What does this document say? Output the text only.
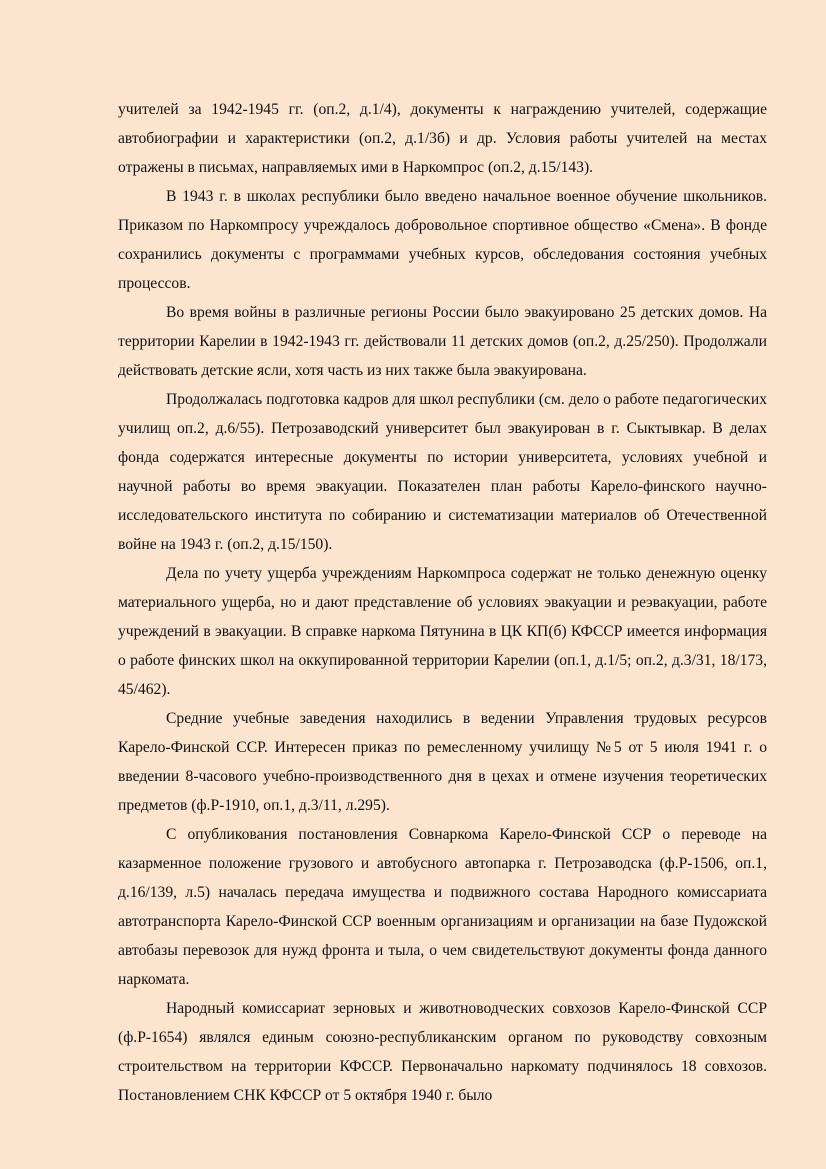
учителей за 1942-1945 гг. (оп.2, д.1/4), документы к награждению учителей, содержащие автобиографии и характеристики (оп.2, д.1/3б) и др. Условия работы учителей на местах отражены в письмах, направляемых ими в Наркомпрос (оп.2, д.15/143).

В 1943 г. в школах республики было введено начальное военное обучение школьников. Приказом по Наркомпросу учреждалось добровольное спортивное общество «Смена». В фонде сохранились документы с программами учебных курсов, обследования состояния учебных процессов.

Во время войны в различные регионы России было эвакуировано 25 детских домов. На территории Карелии в 1942-1943 гг. действовали 11 детских домов (оп.2, д.25/250). Продолжали действовать детские ясли, хотя часть из них также была эвакуирована.

Продолжалась подготовка кадров для школ республики (см. дело о работе педагогических училищ оп.2, д.6/55). Петрозаводский университет был эвакуирован в г. Сыктывкар. В делах фонда содержатся интересные документы по истории университета, условиях учебной и научной работы во время эвакуации. Показателен план работы Карело-финского научно-исследовательского института по собиранию и систематизации материалов об Отечественной войне на 1943 г. (оп.2, д.15/150).

Дела по учету ущерба учреждениям Наркомпроса содержат не только денежную оценку материального ущерба, но и дают представление об условиях эвакуации и реэвакуации, работе учреждений в эвакуации. В справке наркома Пятунина в ЦК КП(б) КФССР имеется информация о работе финских школ на оккупированной территории Карелии (оп.1, д.1/5; оп.2, д.3/31, 18/173, 45/462).

Средние учебные заведения находились в ведении Управления трудовых ресурсов Карело-Финской ССР. Интересен приказ по ремесленному училищу №5 от 5 июля 1941 г. о введении 8-часового учебно-производственного дня в цехах и отмене изучения теоретических предметов (ф.Р-1910, оп.1, д.3/11, л.295).

С опубликования постановления Совнаркома Карело-Финской ССР о переводе на казарменное положение грузового и автобусного автопарка г. Петрозаводска (ф.Р-1506, оп.1, д.16/139, л.5) началась передача имущества и подвижного состава Народного комиссариата автотранспорта Карело-Финской ССР военным организациям и организации на базе Пудожской автобазы перевозок для нужд фронта и тыла, о чем свидетельствуют документы фонда данного наркомата.

Народный комиссариат зерновых и животноводческих совхозов Карело-Финской ССР (ф.Р-1654) являлся единым союзно-республиканским органом по руководству совхозным строительством на территории КФССР. Первоначально наркомату подчинялось 18 совхозов. Постановлением СНК КФССР от 5 октября 1940 г. было
